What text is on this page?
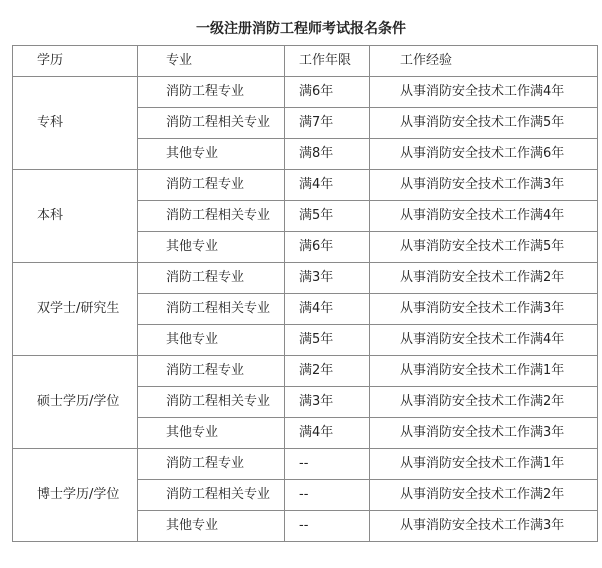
一级注册消防工程师考试报名条件
学历	专业	工作年限	工作经验
专科	消防工程专业	满6年	从事消防安全技术工作满4年
	消防工程相关专业	满7年	从事消防安全技术工作满5年
	其他专业	满8年	从事消防安全技术工作满6年
本科	消防工程专业	满4年	从事消防安全技术工作满3年
	消防工程相关专业	满5年	从事消防安全技术工作满4年
	其他专业	满6年	从事消防安全技术工作满5年
双学士/研究生	消防工程专业	满3年	从事消防安全技术工作满2年
	消防工程相关专业	满4年	从事消防安全技术工作满3年
	其他专业	满5年	从事消防安全技术工作满4年
硕士学历/学位	消防工程专业	满2年	从事消防安全技术工作满1年
	消防工程相关专业	满3年	从事消防安全技术工作满2年
	其他专业	满4年	从事消防安全技术工作满3年
博士学历/学位	消防工程专业	--	从事消防安全技术工作满1年
	消防工程相关专业	--	从事消防安全技术工作满2年
	其他专业	--	从事消防安全技术工作满3年
